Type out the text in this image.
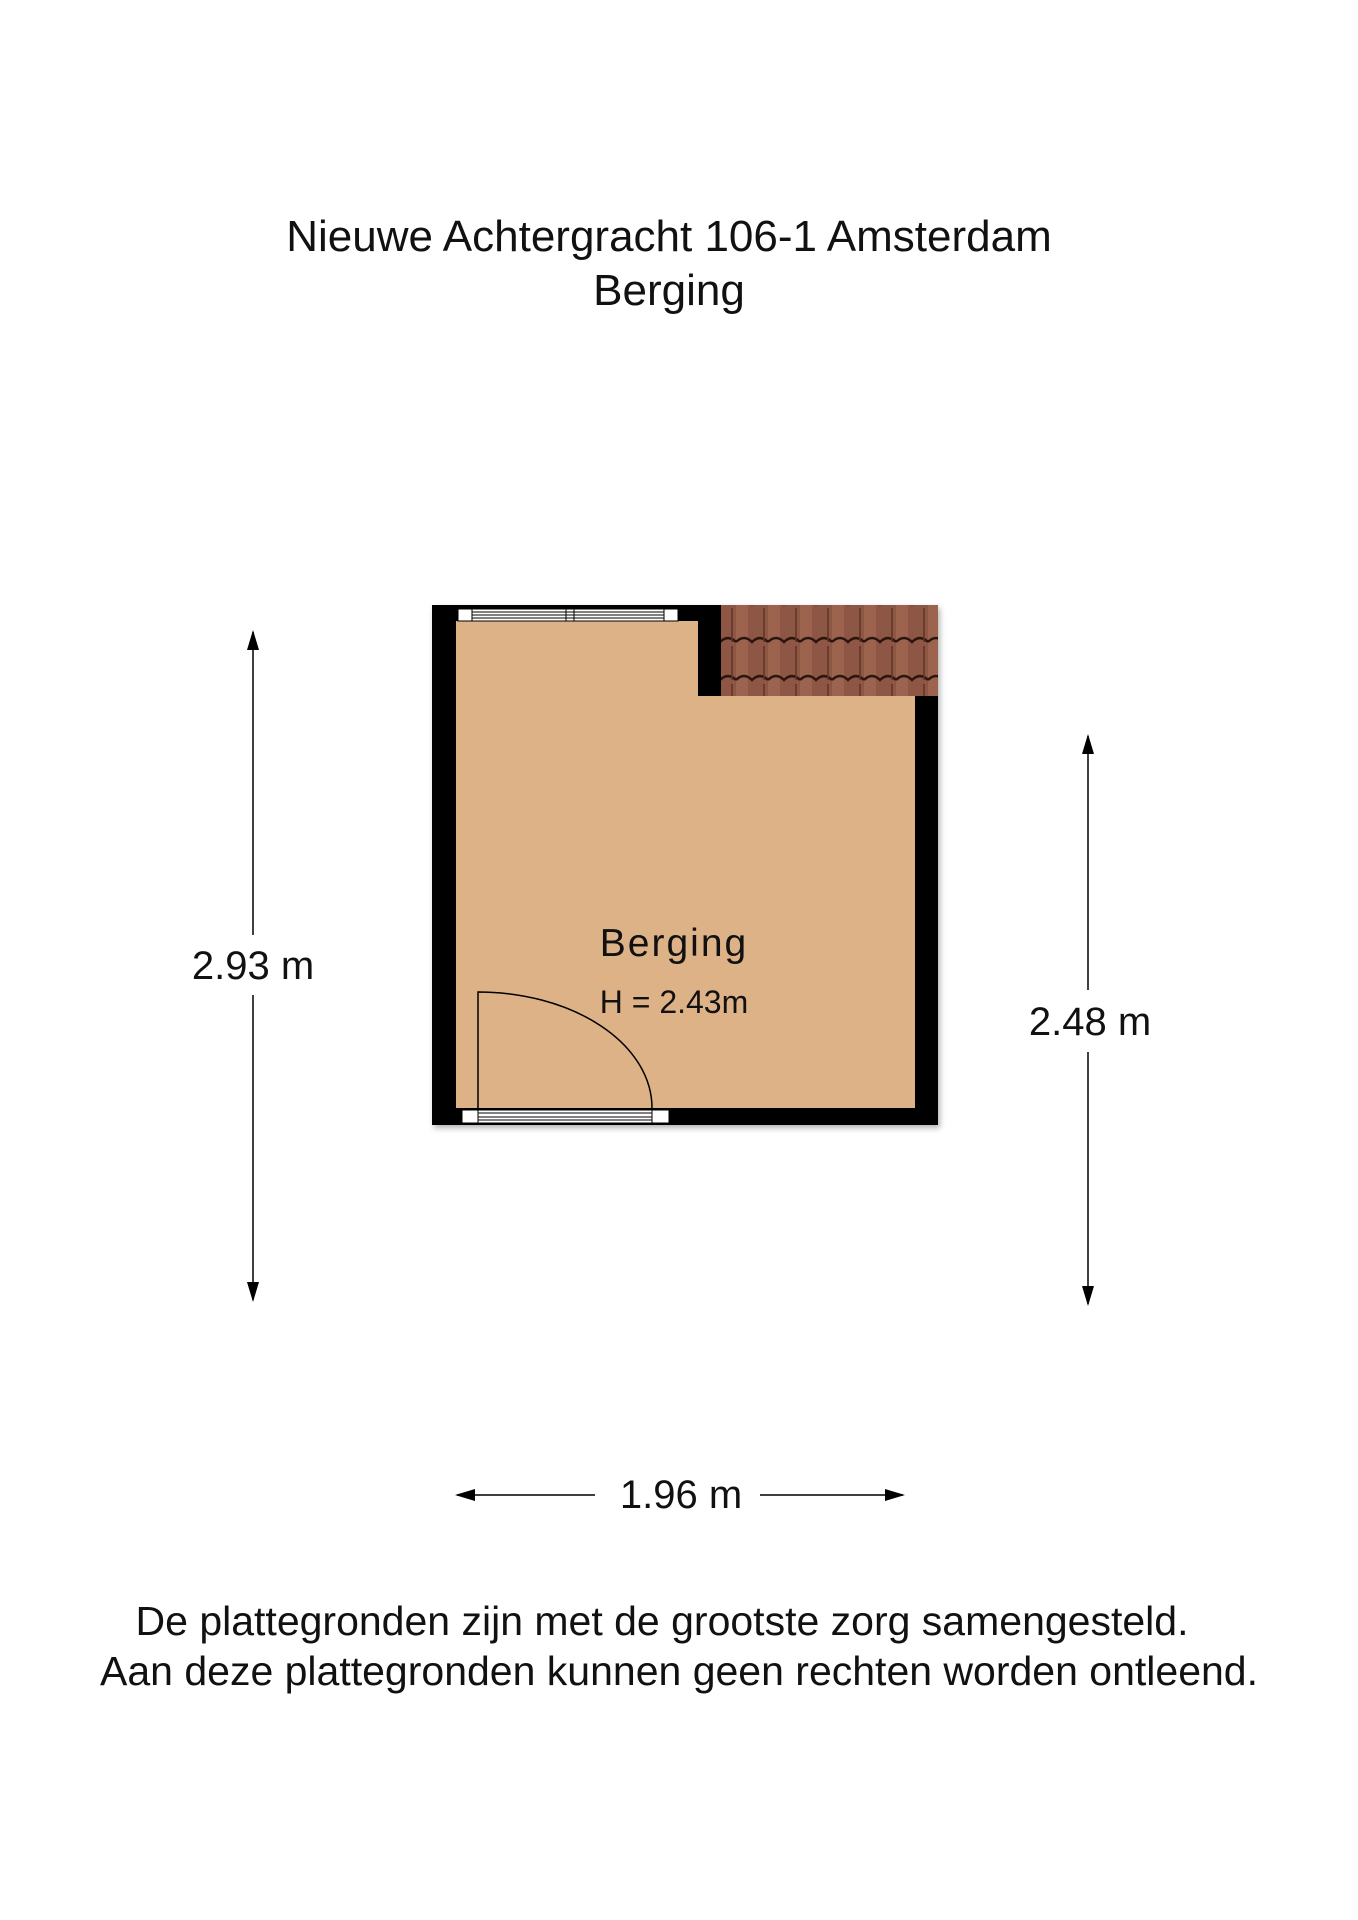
Nieuwe Achtergracht 106-1 Amsterdam
Berging
Berging
H = 2.43m
2.93 m
2.48 m
1.96 m
De plattegronden zijn met de grootste zorg samengesteld.
Aan deze plattegronden kunnen geen rechten worden ontleend.
